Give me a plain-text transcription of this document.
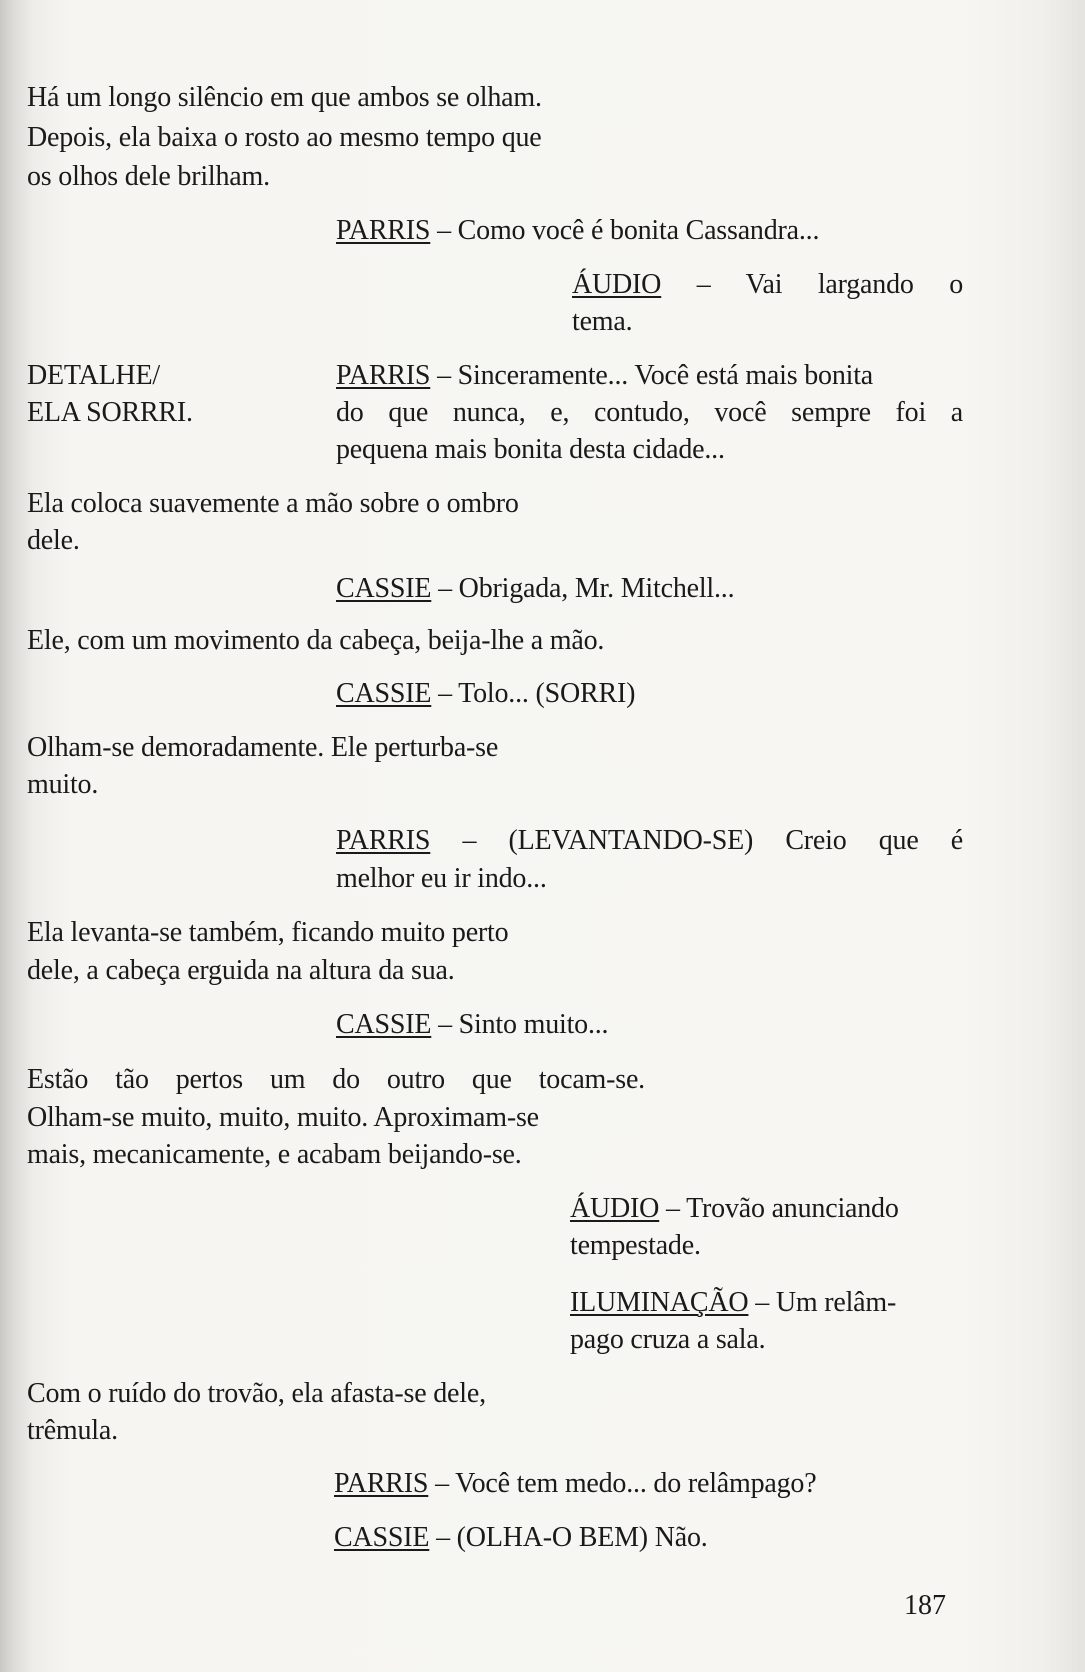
Há um longo silêncio em que ambos se olham.
Depois, ela baixa o rosto ao mesmo tempo que
os olhos dele brilham.
PARRIS – Como você é bonita Cassandra...
ÁUDIO – Vai largando o
tema.
DETALHE/	PARRIS – Sinceramente... Você está mais bonita
ELA SORRRI.	do que nunca, e, contudo, você sempre foi a
pequena mais bonita desta cidade...
Ela coloca suavemente a mão sobre o ombro
dele.
CASSIE – Obrigada, Mr. Mitchell...
Ele, com um movimento da cabeça, beija-lhe a mão.
CASSIE – Tolo... (SORRI)
Olham-se demoradamente. Ele perturba-se
muito.
PARRIS – (LEVANTANDO-SE) Creio que é
melhor eu ir indo...
Ela levanta-se também, ficando muito perto
dele, a cabeça erguida na altura da sua.
CASSIE – Sinto muito...
Estão tão pertos um do outro que tocam-se.
Olham-se muito, muito, muito. Aproximam-se
mais, mecanicamente, e acabam beijando-se.
ÁUDIO – Trovão anunciando
tempestade.
ILUMINAÇÃO – Um relâm-
pago cruza a sala.
Com o ruído do trovão, ela afasta-se dele,
trêmula.
PARRIS – Você tem medo... do relâmpago?
CASSIE – (OLHA-O BEM) Não.
187
